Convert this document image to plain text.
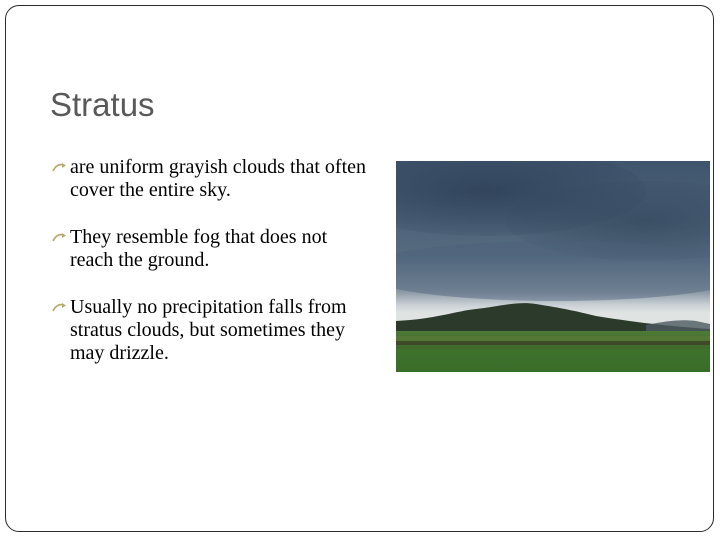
Stratus
are uniform grayish clouds that often cover the entire sky.
They resemble fog that does not reach the ground.
Usually no precipitation falls from stratus clouds, but sometimes they may drizzle.
